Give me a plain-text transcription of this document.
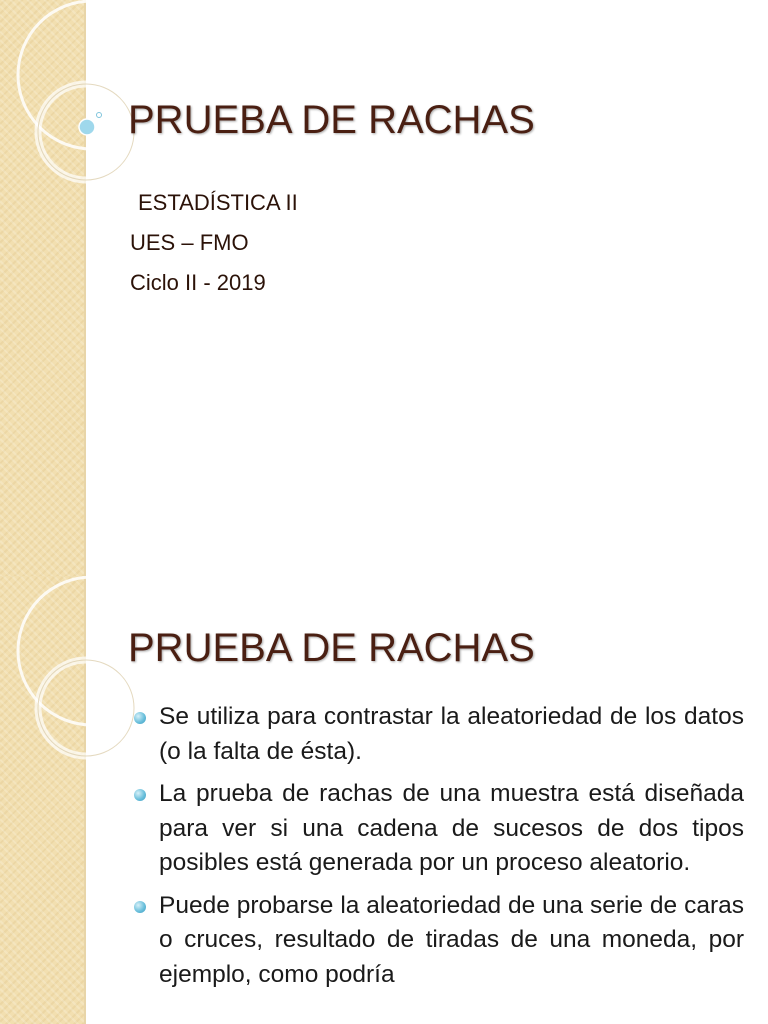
PRUEBA DE RACHAS
ESTADÍSTICA II
UES – FMO
Ciclo II - 2019
PRUEBA DE RACHAS
Se utiliza para contrastar la aleatoriedad de los datos (o la falta de ésta).
La prueba de rachas de una muestra está diseñada para ver si una cadena de sucesos de dos tipos posibles está generada por un proceso aleatorio.
Puede probarse la aleatoriedad de una serie de caras o cruces, resultado de tiradas de una moneda, por ejemplo, como podría
